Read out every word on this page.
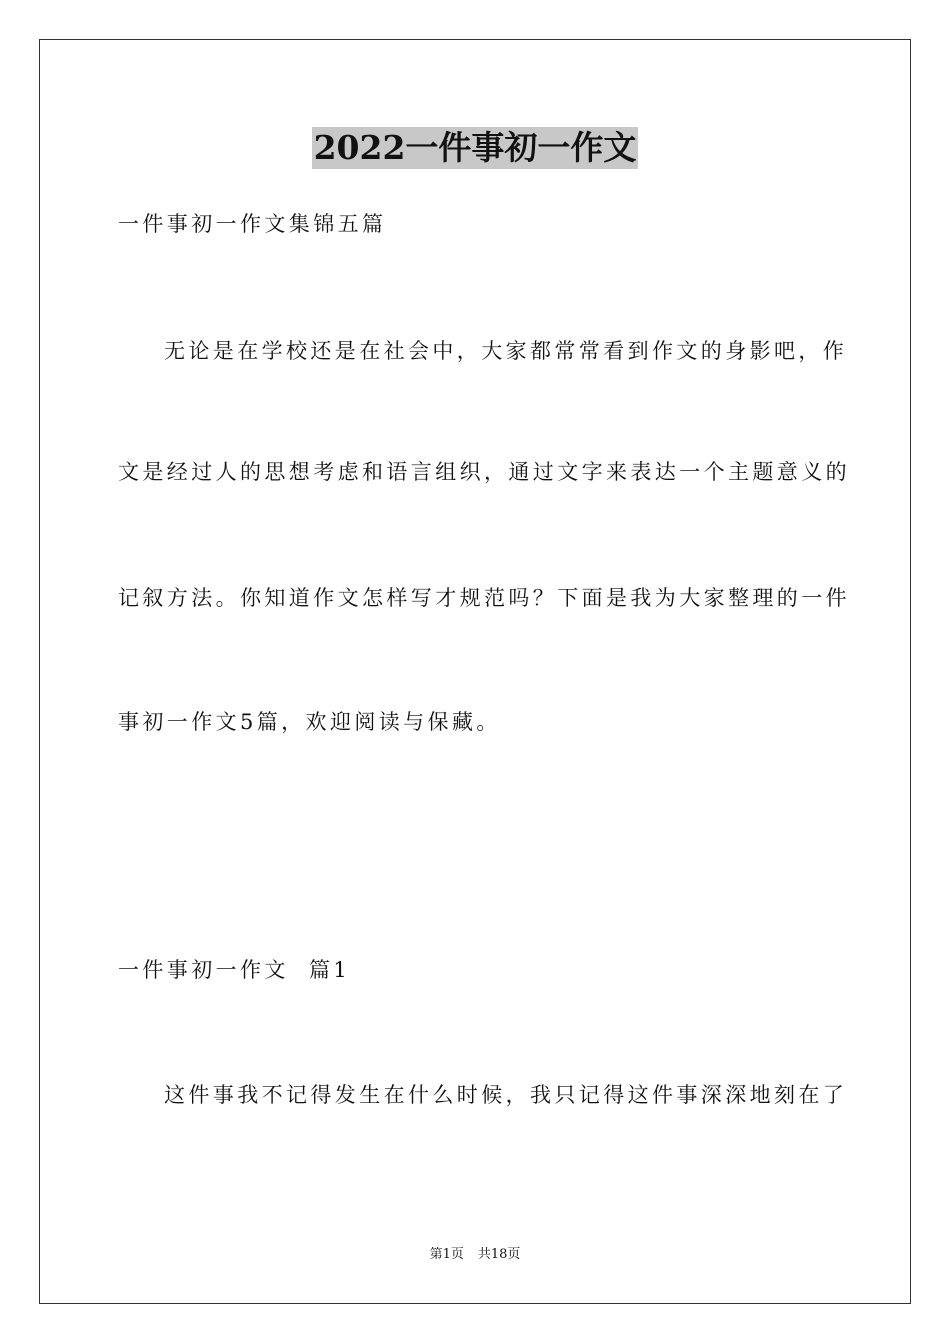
2022一件事初一作文
一件事初一作文集锦五篇
无论是在学校还是在社会中，大家都常常看到作文的身影吧，作
文是经过人的思想考虑和语言组织，通过文字来表达一个主题意义的
记叙方法。你知道作文怎样写才规范吗？下面是我为大家整理的一件
事初一作文5篇，欢迎阅读与保藏。
一件事初一作文  篇1
这件事我不记得发生在什么时候，我只记得这件事深深地刻在了
第1页 共18页
